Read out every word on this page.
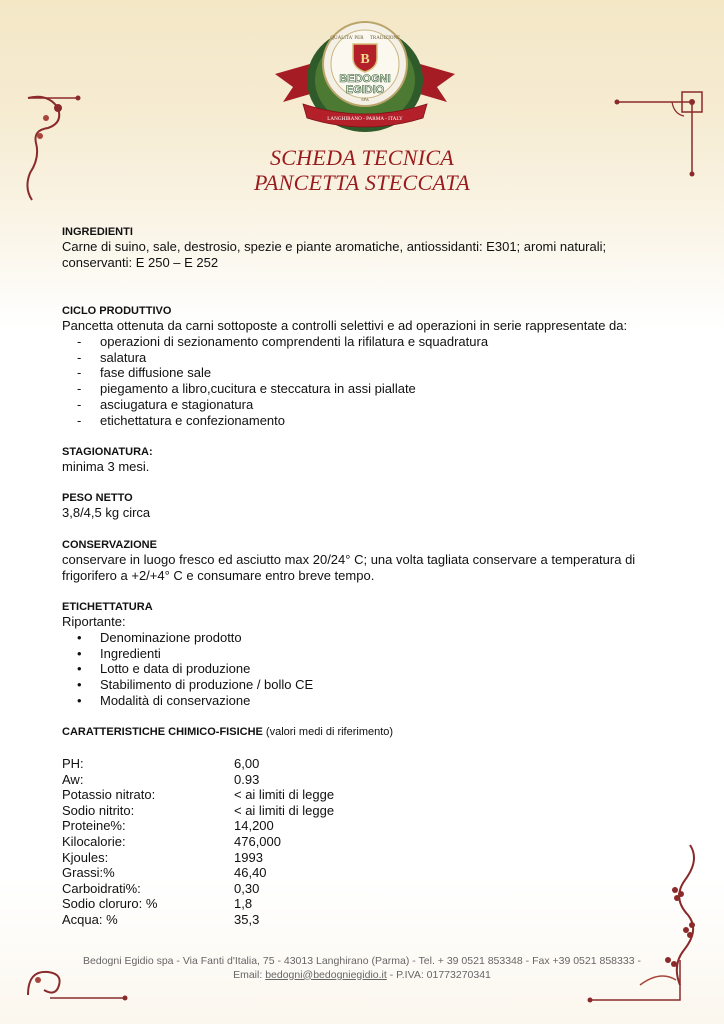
QUALITA' PER TRADIZIONE
B
BEDOGNI
EGIDIO
SPA
LANGHIRANO - PARMA - ITALY
SCHEDA TECNICA
PANCETTA STECCATA

INGREDIENTI

Carne di suino, sale, destrosio, spezie e piante aromatiche, antiossidanti: E301; aromi naturali; conservanti: E 250 – E 252

CICLO PRODUTTIVO

Pancetta ottenuta da carni sottoposte a controlli selettivi e ad operazioni in serie rappresentate da:

- operazioni di sezionamento comprendenti la rifilatura e squadratura
- salatura
- fase diffusione sale
- piegamento a libro,cucitura e steccatura in assi piallate
- asciugatura e stagionatura
- etichettatura e confezionamento

STAGIONATURA:

minima 3 mesi.

PESO NETTO

3,8/4,5 kg circa

CONSERVAZIONE

conservare in luogo fresco ed asciutto max 20/24° C; una volta tagliata conservare a temperatura di frigorifero a +2/+4° C e consumare entro breve tempo.

ETICHETTATURA

Riportante:

• Denominazione prodotto
• Ingredienti
• Lotto e data di produzione
• Stabilimento di produzione / bollo CE
• Modalità di conservazione

CARATTERISTICHE CHIMICO-FISICHE (valori medi di riferimento)

PH:	6,00
Aw:	0.93
Potassio nitrato:	< ai limiti di legge
Sodio nitrito:	< ai limiti di legge
Proteine%:	14,200
Kilocalorie:	476,000
Kjoules:	1993
Grassi:%	46,40
Carboidrati%:	0,30
Sodio cloruro: %	1,8
Acqua: %	35,3
Bedogni Egidio spa - Via Fanti d'Italia, 75 - 43013 Langhirano (Parma) - Tel. + 39 0521 853348 - Fax +39 0521 858333 -
Email: bedogni@bedogniegidio.it - P.IVA: 01773270341
